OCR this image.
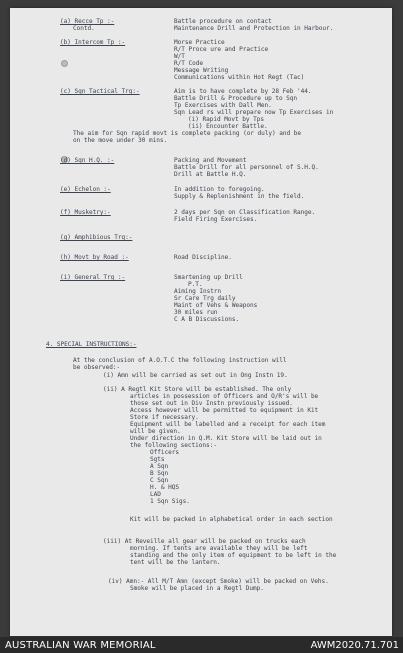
(a) Recce Tp :-	Battle procedure on contact
Contd.	Maintenance Drill and Protection in Harbour.
(b) Intercom Tp :-	Morse Practice
R/T Proce ure and Practice
W/T
R/T Code
Message Writing
Communications within Hot Regt (Tac)
(c) Sqn Tactical Trg:-	Aim is to have complete by 28 Feb '44.
Battle Drill & Procedure up to Sqn
Tp Exercises with Dall Men.
Sqn Lead rs will prepare now Tp Exercises in
(i) Rapid Movt by Tps
(ii) Encounter Battle.
The aim for Sqn rapid movt is complete packing (or duly) and be
on the move under 30 mins.
(d) Sqn H.Q. :-	Packing and Movement
Battle Drill for all personnel of S.H.Q.
Drill at Battle H.Q.
(e) Echelon :-	In addition to foregoing.
Supply & Replenishment in the field.
(f) Musketry:-	2 days per Sqn on Classification Range.
Field Firing Exercises.
(g) Amphibious Trg:-
(h) Movt by Road :-	Road Discipline.
(i) General Trg :-	Smartening up Drill
P.T.
Aiming Instrn
Sr Care Trg daily
Maint of Vehs & Weapons
30 miles run
C A B Discussions.
4. SPECIAL INSTRUCTIONS:-
At the conclusion of A.O.T.C the following instruction will
be observed:-
(i) Amn will be carried as set out in Ong Instn 19.
(ii) A Regtl Kit Store will be established. The only
articles in possession of Officers and O/R's will be
those set out in Div Instn previously issued.
Access however will be permitted to equipment in Kit
Store if necessary.
Equipment will be labelled and a receipt for each item
will be given.
Under direction in Q.M. Kit Store will be laid out in
the following sections:-
Officers
Sgts
A Sqn
B Sqn
C Sqn
H. & HQS
LAD
1 Sqn Sigs.
Kit will be packed in alphabetical order in each section
(iii) At Reveille all gear will be packed on trucks each
morning. If tents are available they will be left
standing and the only item of equipment to be left in the
tent will be the lantern.
(iv) Amn:- All M/T Amn (except Smoke) will be packed on Vehs.
Smoke will be placed in a Regtl Dump.
AUSTRALIAN WAR MEMORIAL	AWM2020.71.701
